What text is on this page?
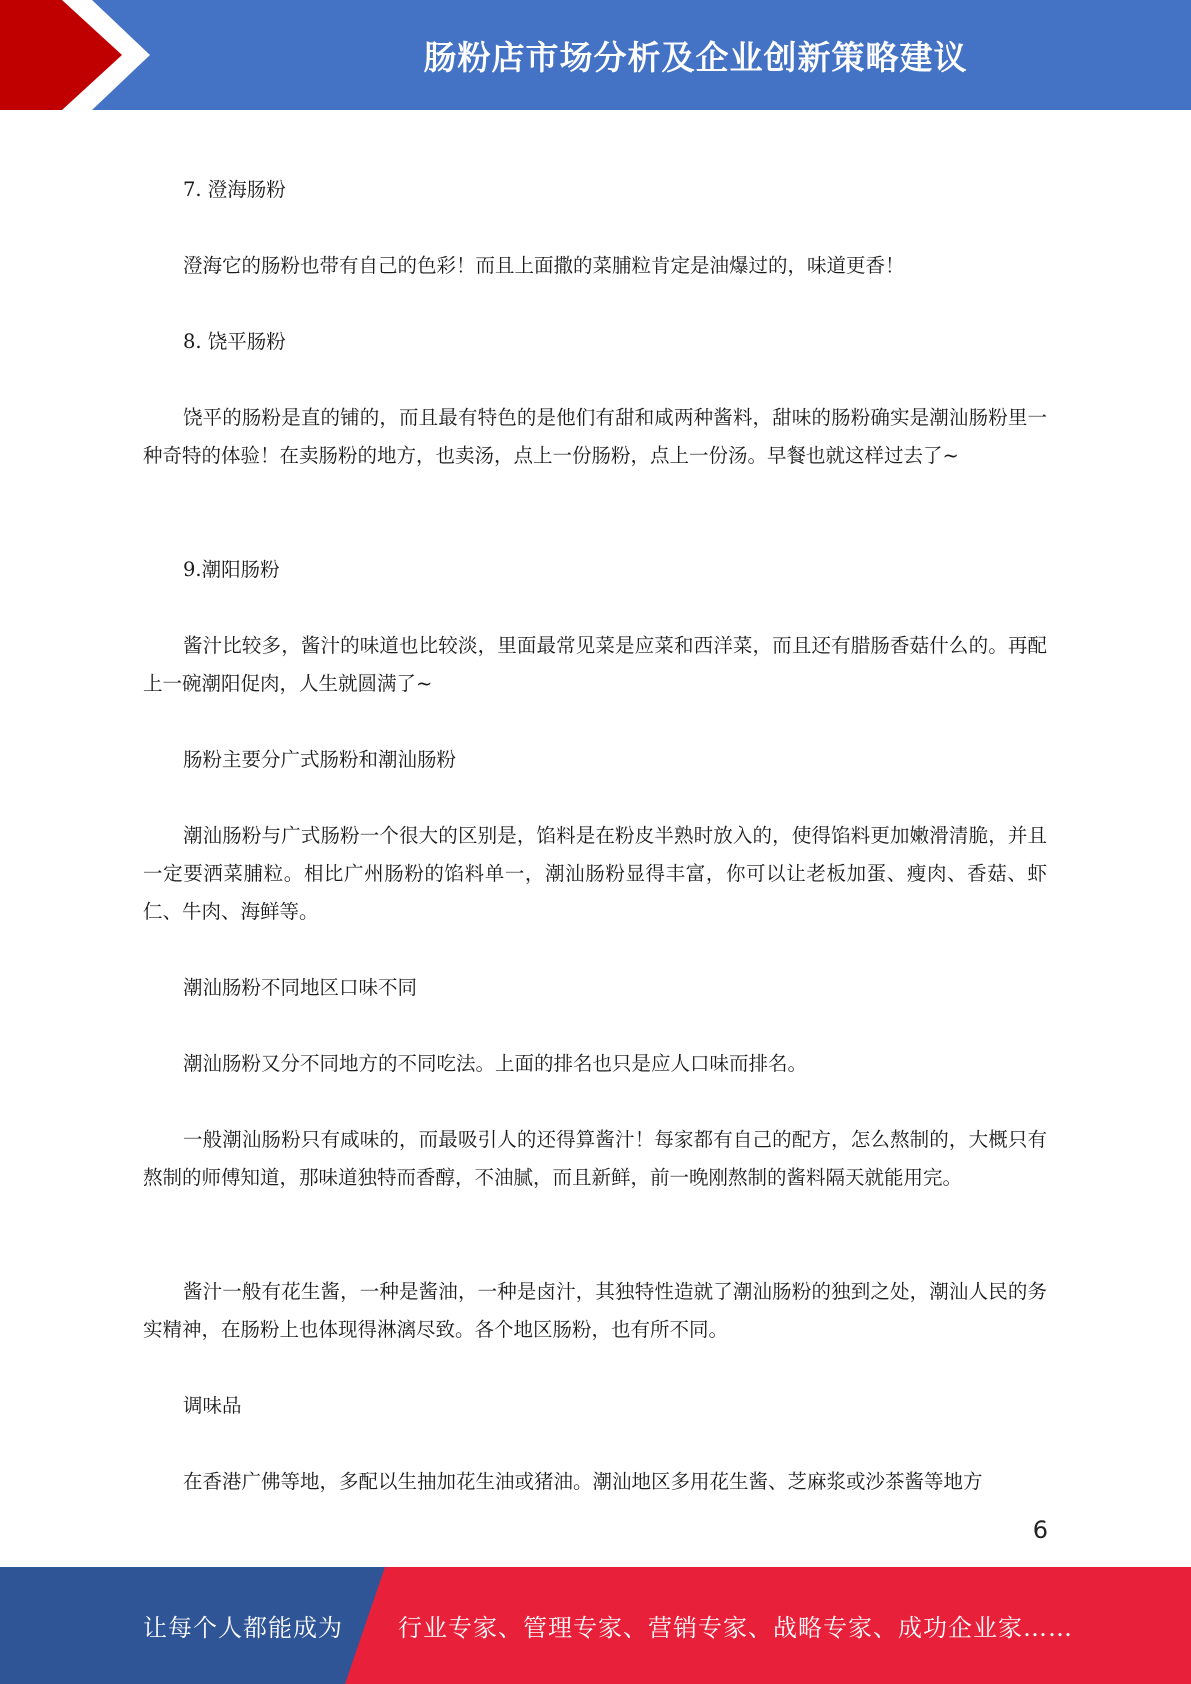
肠粉店市场分析及企业创新策略建议

7. 澄海肠粉

澄海它的肠粉也带有自己的色彩！而且上面撒的菜脯粒肯定是油爆过的，味道更香！

8. 饶平肠粉

饶平的肠粉是直的铺的，而且最有特色的是他们有甜和咸两种酱料，甜味的肠粉确实是潮汕肠粉里一种奇特的体验！在卖肠粉的地方，也卖汤，点上一份肠粉，点上一份汤。早餐也就这样过去了~

9.潮阳肠粉

酱汁比较多，酱汁的味道也比较淡，里面最常见菜是应菜和西洋菜，而且还有腊肠香菇什么的。再配上一碗潮阳促肉，人生就圆满了~

肠粉主要分广式肠粉和潮汕肠粉

潮汕肠粉与广式肠粉一个很大的区别是，馅料是在粉皮半熟时放入的，使得馅料更加嫩滑清脆，并且一定要洒菜脯粒。相比广州肠粉的馅料单一，潮汕肠粉显得丰富，你可以让老板加蛋、瘦肉、香菇、虾仁、牛肉、海鲜等。

潮汕肠粉不同地区口味不同

潮汕肠粉又分不同地方的不同吃法。上面的排名也只是应人口味而排名。

一般潮汕肠粉只有咸味的，而最吸引人的还得算酱汁！每家都有自己的配方，怎么熬制的，大概只有熬制的师傅知道，那味道独特而香醇，不油腻，而且新鲜，前一晚刚熬制的酱料隔天就能用完。

酱汁一般有花生酱，一种是酱油，一种是卤汁，其独特性造就了潮汕肠粉的独到之处，潮汕人民的务实精神，在肠粉上也体现得淋漓尽致。各个地区肠粉，也有所不同。

调味品

在香港广佛等地，多配以生抽加花生油或猪油。潮汕地区多用花生酱、芝麻浆或沙茶酱等地方

6
让每个人都能成为 行业专家、管理专家、营销专家、战略专家、成功企业家……
